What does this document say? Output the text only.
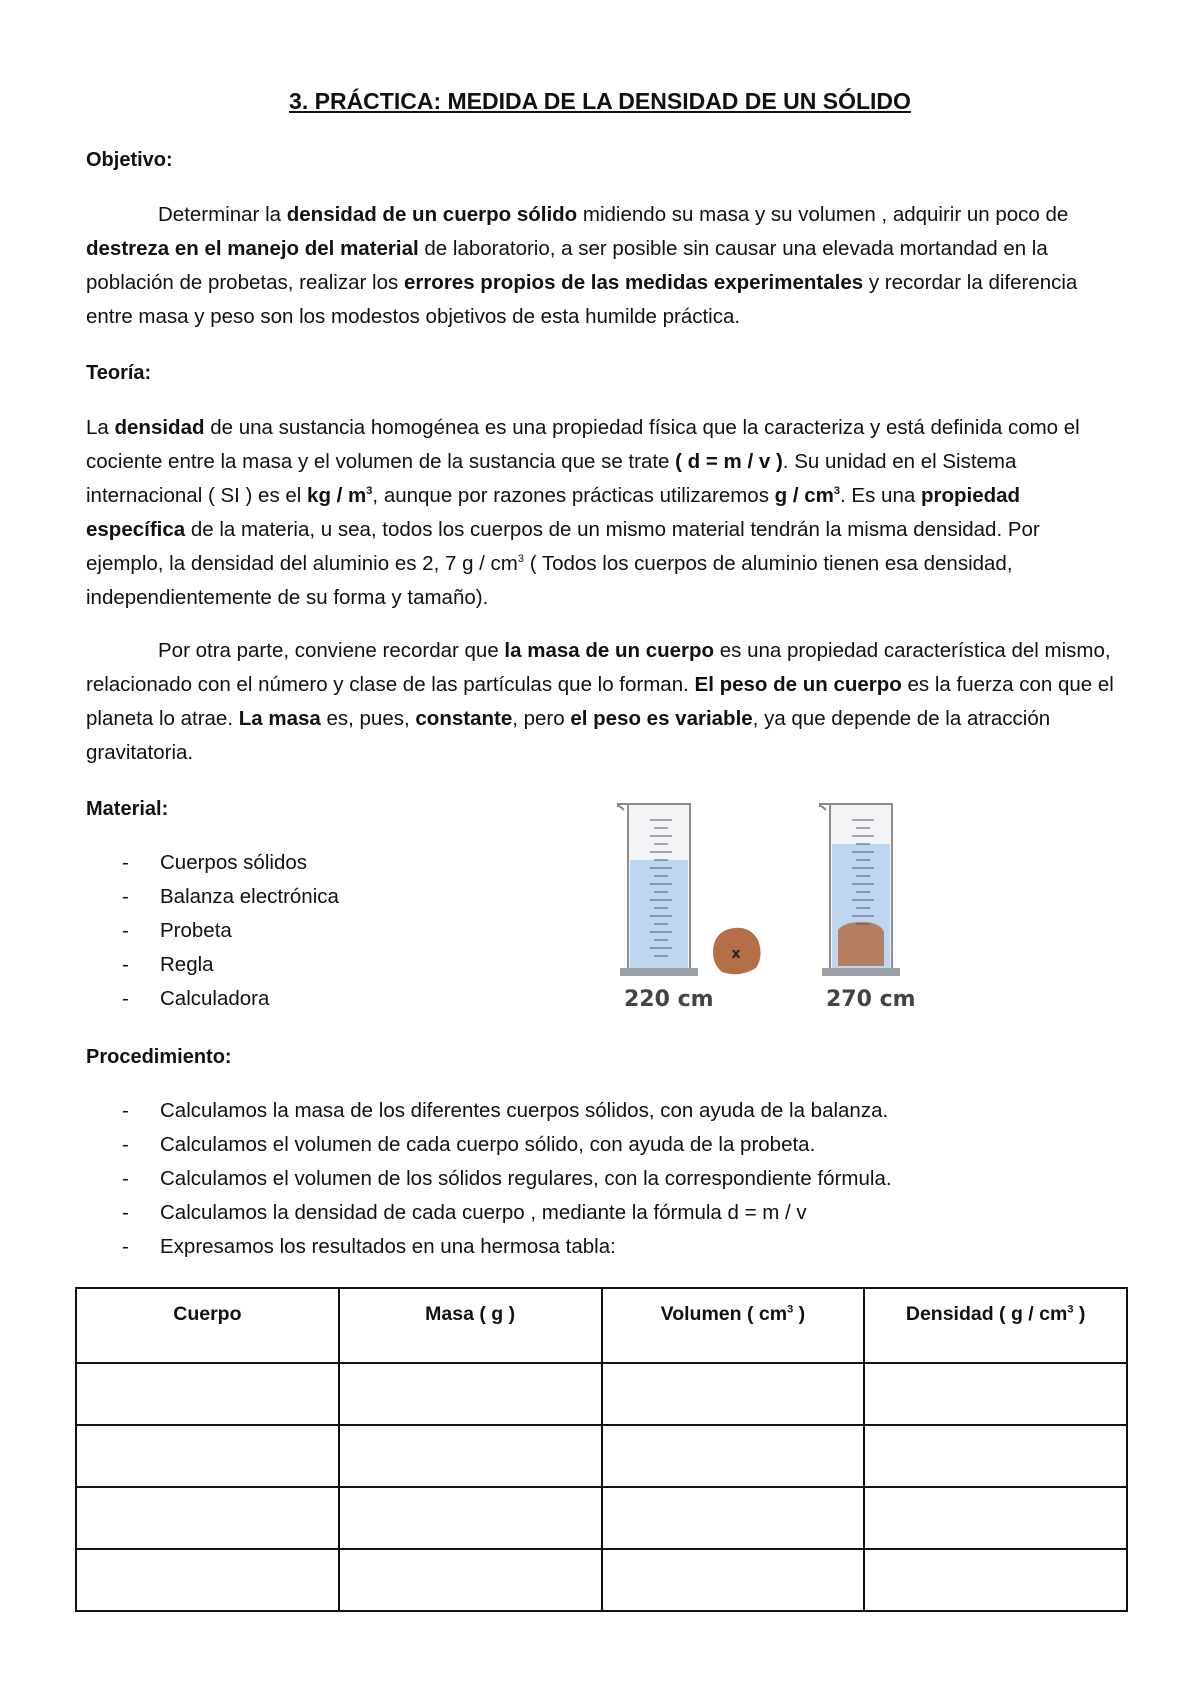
3. PRÁCTICA: MEDIDA DE LA DENSIDAD DE UN SÓLIDO
Objetivo:

Determinar la densidad de un cuerpo sólido midiendo su masa y su volumen , adquirir un poco de destreza en el manejo del material de laboratorio, a ser posible sin causar una elevada mortandad en la población de probetas, realizar los errores propios de las medidas experimentales y recordar la diferencia entre masa y peso son los modestos objetivos de esta humilde práctica.

Teoría:

La densidad de una sustancia homogénea es una propiedad física que la caracteriza y está definida como el cociente entre la masa y el volumen de la sustancia que se trate ( d = m / v ). Su unidad en el Sistema internacional ( SI ) es el kg / $m^3$, aunque por razones prácticas utilizaremos g / $cm^3$. Es una propiedad específica de la materia, u sea, todos los cuerpos de un mismo material tendrán la misma densidad. Por ejemplo, la densidad del aluminio es 2, 7 g / $cm^3$ ( Todos los cuerpos de aluminio tienen esa densidad, independientemente de su forma y tamaño).

Por otra parte, conviene recordar que la masa de un cuerpo es una propiedad característica del mismo, relacionado con el número y clase de las partículas que lo forman. El peso de un cuerpo es la fuerza con que el planeta lo atrae. La masa es, pues, constante, pero el peso es variable, ya que depende de la atracción gravitatoria.

Material:
- Cuerpos sólidos
- Balanza electrónica
- Probeta
- Regla
- Calculadora
x
220 cm	270 cm
Procedimiento:
- Calculamos la masa de los diferentes cuerpos sólidos, con ayuda de la balanza.
- Calculamos el volumen de cada cuerpo sólido, con ayuda de la probeta.
- Calculamos el volumen de los sólidos regulares, con la correspondiente fórmula.
- Calculamos la densidad de cada cuerpo , mediante la fórmula d = m / v
- Expresamos los resultados en una hermosa tabla:
Cuerpo	Masa ( g )	Volumen ( $cm^3$ )	Densidad ( g / $cm^3$ )
